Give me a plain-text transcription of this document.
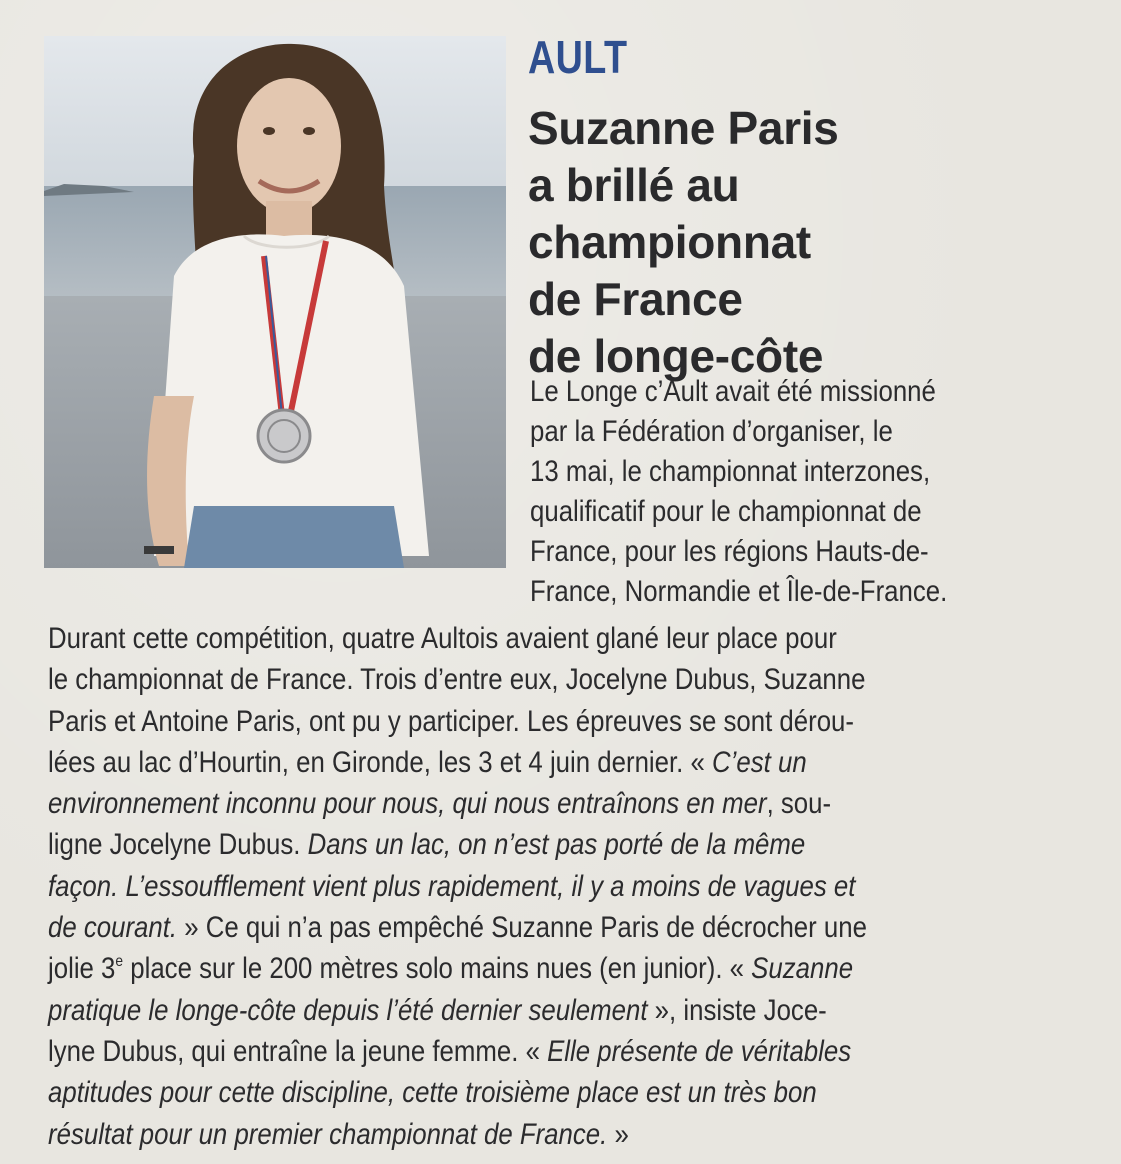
AULT
Suzanne Paris
a brillé au
championnat
de France
de longe-côte
Le Longe c’Ault avait été missionné
par la Fédération d’organiser, le
13 mai, le championnat interzones,
qualificatif pour le championnat de
France, pour les régions Hauts-de-
France, Normandie et Île-de-France.
Durant cette compétition, quatre Aultois avaient glané leur place pour
le championnat de France. Trois d’entre eux, Jocelyne Dubus, Suzanne
Paris et Antoine Paris, ont pu y participer. Les épreuves se sont dérou-
lées au lac d’Hourtin, en Gironde, les 3 et 4 juin dernier. « C’est un
environnement inconnu pour nous, qui nous entraînons en mer, sou-
ligne Jocelyne Dubus. Dans un lac, on n’est pas porté de la même
façon. L’essoufflement vient plus rapidement, il y a moins de vagues et
de courant. » Ce qui n’a pas empêché Suzanne Paris de décrocher une
jolie 3e place sur le 200 mètres solo mains nues (en junior). « Suzanne
pratique le longe-côte depuis l’été dernier seulement », insiste Joce-
lyne Dubus, qui entraîne la jeune femme. « Elle présente de véritables
aptitudes pour cette discipline, cette troisième place est un très bon
résultat pour un premier championnat de France. »
